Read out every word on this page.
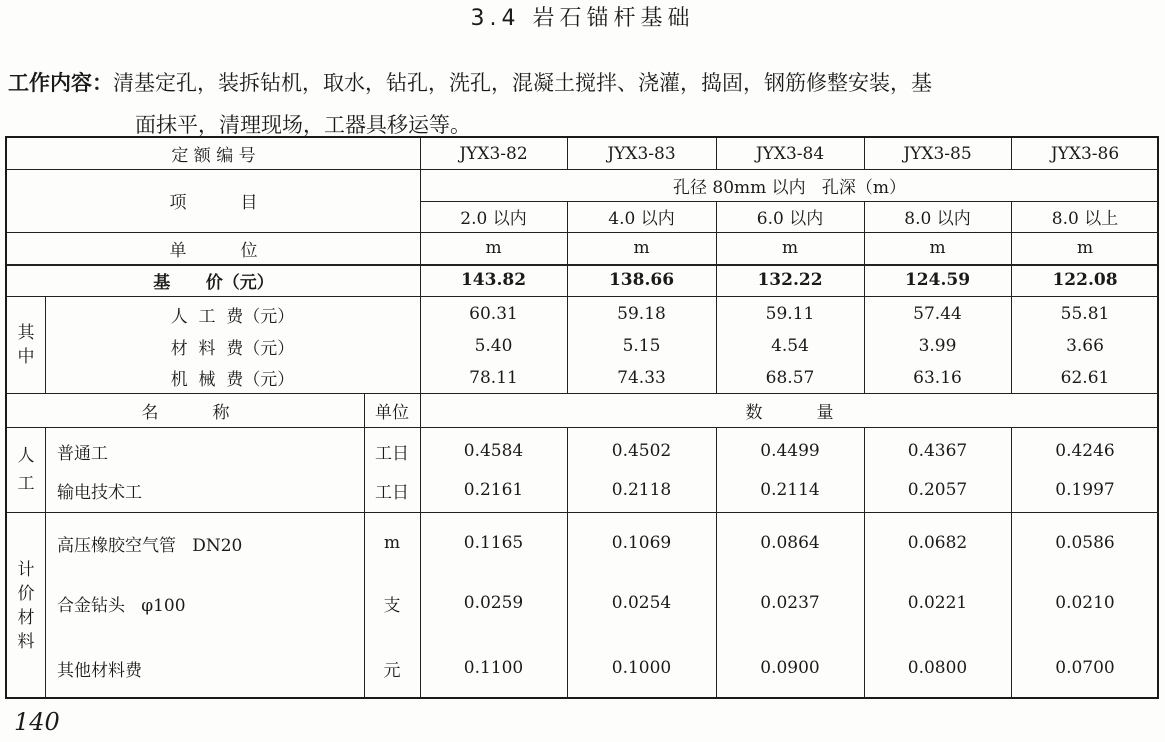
3.4 岩石锚杆基础
工作内容：清基定孔，装拆钻机，取水，钻孔，洗孔，混凝土搅拌、浇灌，捣固，钢筋修整安装，基
面抹平，清理现场，工器具移运等。
定 额 编 号	JYX3-82	JYX3-83	JYX3-84	JYX3-85	JYX3-86
项          目
孔径 80mm 以内   孔深（m）
2.0 以内	4.0 以内	6.0 以内	8.0 以内	8.0 以上
单          位	m	m	m	m	m
基      价（元）	143.82	138.66	132.22	124.59	122.08
其中
人  工  费（元）	60.31	59.18	59.11	57.44	55.81
材  料  费（元）	5.40	5.15	4.54	3.99	3.66
机  械  费（元）	78.11	74.33	68.57	63.16	62.61
名          称	单位	数          量
人工
普通工	工日	0.4584	0.4502	0.4499	0.4367	0.4246
输电技术工	工日	0.2161	0.2118	0.2114	0.2057	0.1997
计价材料
高压橡胶空气管   DN20	m	0.1165	0.1069	0.0864	0.0682	0.0586
合金钻头   φ100	支	0.0259	0.0254	0.0237	0.0221	0.0210
其他材料费	元	0.1100	0.1000	0.0900	0.0800	0.0700
140
